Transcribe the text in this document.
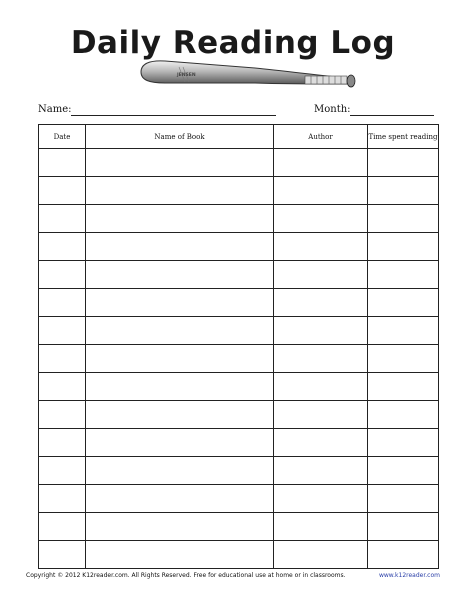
Daily Reading Log
JENSEN
Name:	Month:
Date	Name of Book	Author	Time spent reading

Copyright © 2012 K12reader.com. All Rights Reserved. Free for educational use at home or in classrooms.	www.k12reader.com
